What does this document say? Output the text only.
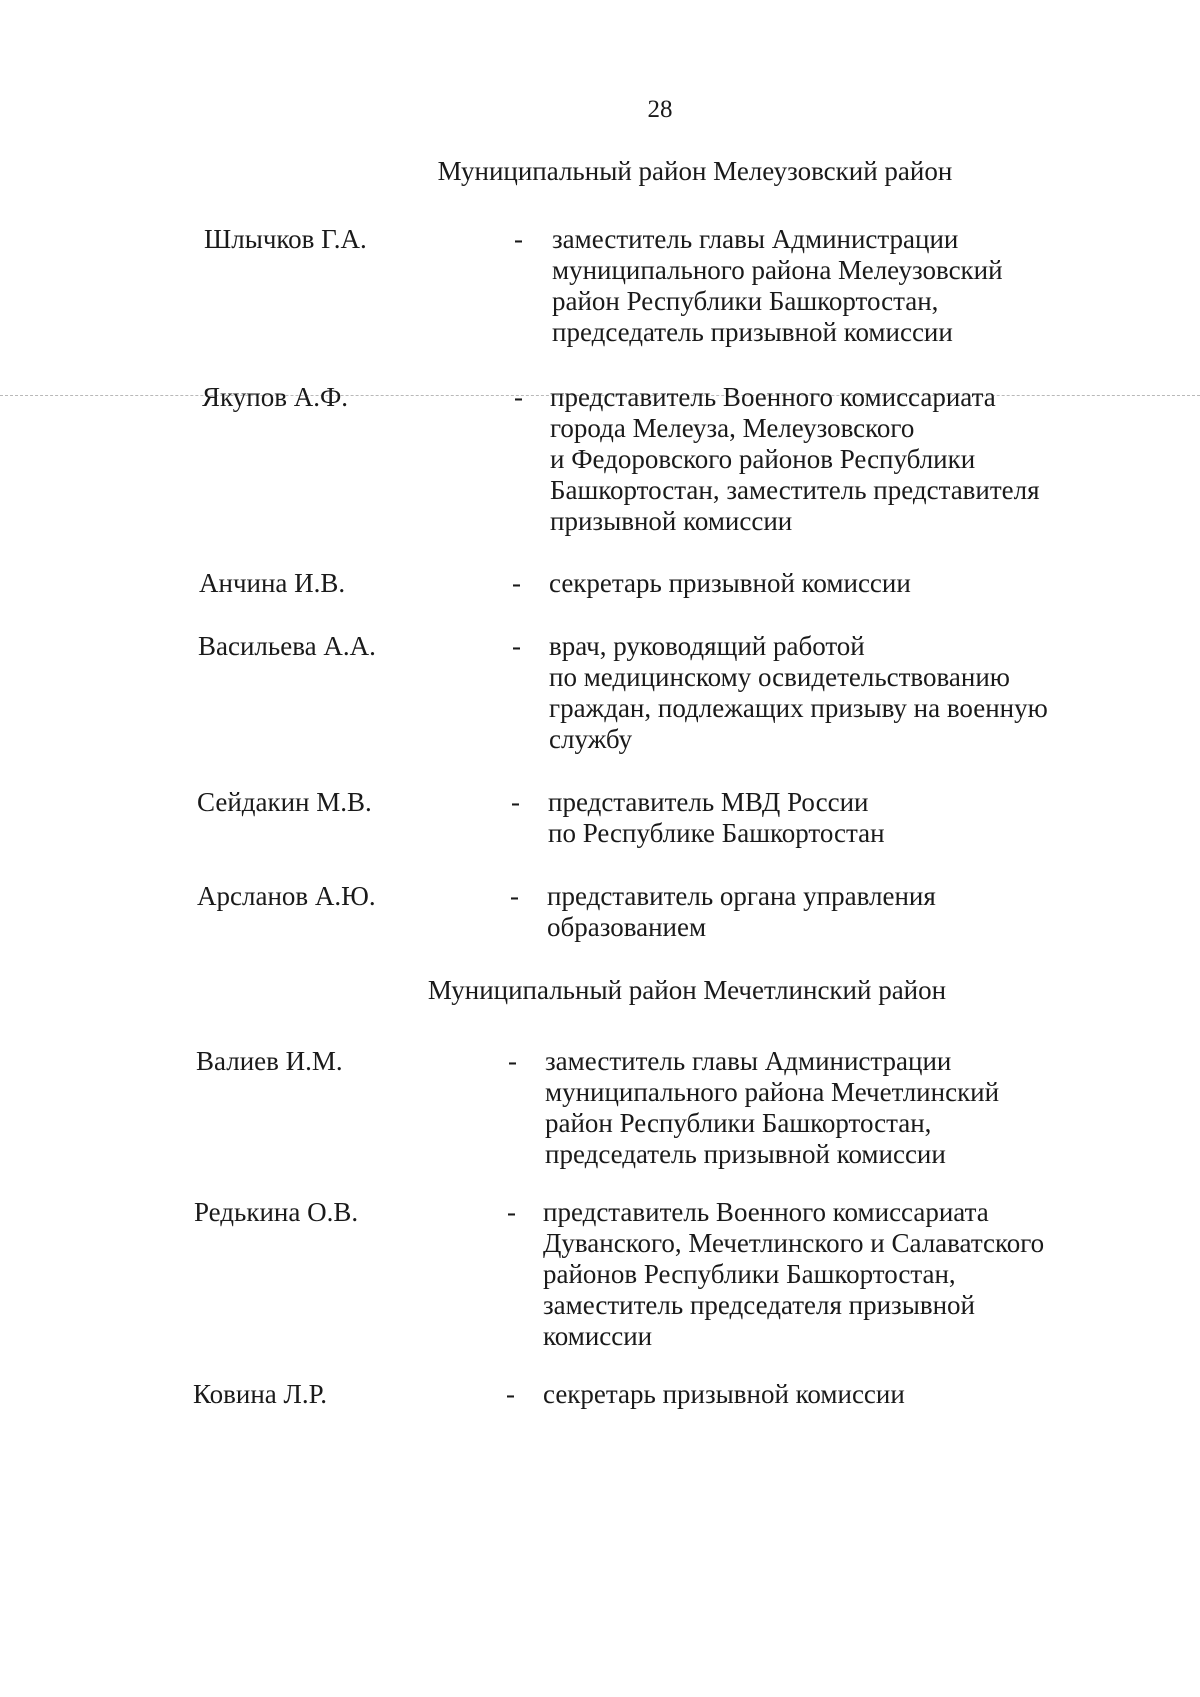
28
Муниципальный район Мелеузовский район
Шлычков Г.А.	- заместитель главы Администрации
муниципального района Мелеузовский
район Республики Башкортостан,
председатель призывной комиссии
Якупов А.Ф.	- представитель Военного комиссариата
города Мелеуза, Мелеузовского
и Федоровского районов Республики
Башкортостан, заместитель представителя
призывной комиссии
Анчина И.В.	- секретарь призывной комиссии
Васильева А.А.	- врач, руководящий работой
по медицинскому освидетельствованию
граждан, подлежащих призыву на военную
службу
Сейдакин М.В.	- представитель МВД России
по Республике Башкортостан
Арсланов А.Ю.	- представитель органа управления
образованием
Муниципальный район Мечетлинский район
Валиев И.М.	- заместитель главы Администрации
муниципального района Мечетлинский
район Республики Башкортостан,
председатель призывной комиссии
Редькина О.В.	- представитель Военного комиссариата
Дуванского, Мечетлинского и Салаватского
районов Республики Башкортостан,
заместитель председателя призывной
комиссии
Ковина Л.Р.	- секретарь призывной комиссии
